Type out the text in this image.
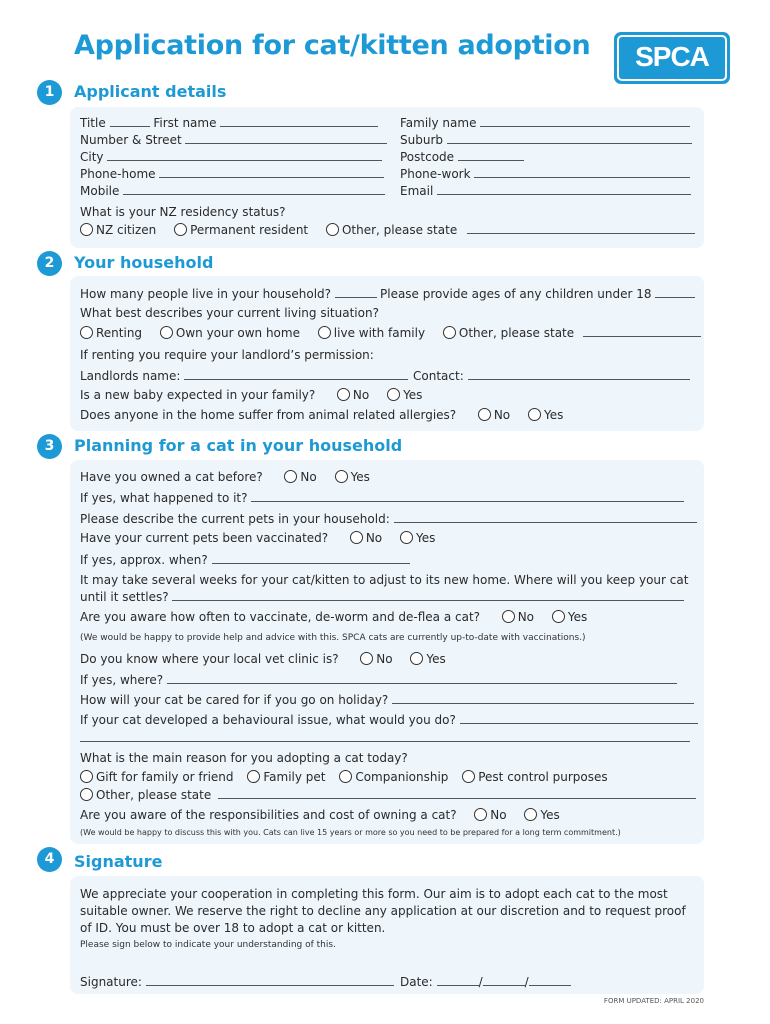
Application for cat/kitten adoption	SPCA
1	Applicant details
Title	First name	Family name
Number & Street	Suburb
City	Postcode
Phone-home	Phone-work
Mobile	Email
What is your NZ residency status?
NZ citizen	Permanent resident	Other, please state
2	Your household
How many people live in your household?	Please provide ages of any children under 18
What best describes your current living situation?
Renting	Own your own home	live with family	Other, please state
If renting you require your landlord’s permission:
Landlords name:	Contact:
Is a new baby expected in your family?	No	Yes
Does anyone in the home suffer from animal related allergies?	No	Yes
3	Planning for a cat in your household
Have you owned a cat before?	No	Yes
If yes, what happened to it?
Please describe the current pets in your household:
Have your current pets been vaccinated?	No	Yes
If yes, approx. when?
It may take several weeks for your cat/kitten to adjust to its new home. Where will you keep your cat
until it settles?
Are you aware how often to vaccinate, de-worm and de-flea a cat?	No	Yes
(We would be happy to provide help and advice with this. SPCA cats are currently up-to-date with vaccinations.)
Do you know where your local vet clinic is?	No	Yes
If yes, where?
How will your cat be cared for if you go on holiday?
If your cat developed a behavioural issue, what would you do?
What is the main reason for you adopting a cat today?
Gift for family or friend Family pet Companionship Pest control purposes
Other, please state
Are you aware of the responsibilities and cost of owning a cat?	No	Yes
(We would be happy to discuss this with you. Cats can live 15 years or more so you need to be prepared for a long term commitment.)
4	Signature
We appreciate your cooperation in completing this form. Our aim is to adopt each cat to the most
suitable owner. We reserve the right to decline any application at our discretion and to request proof
of ID. You must be over 18 to adopt a cat or kitten.
Please sign below to indicate your understanding of this.
Signature:	Date:	/	/
FORM UPDATED: APRIL 2020
